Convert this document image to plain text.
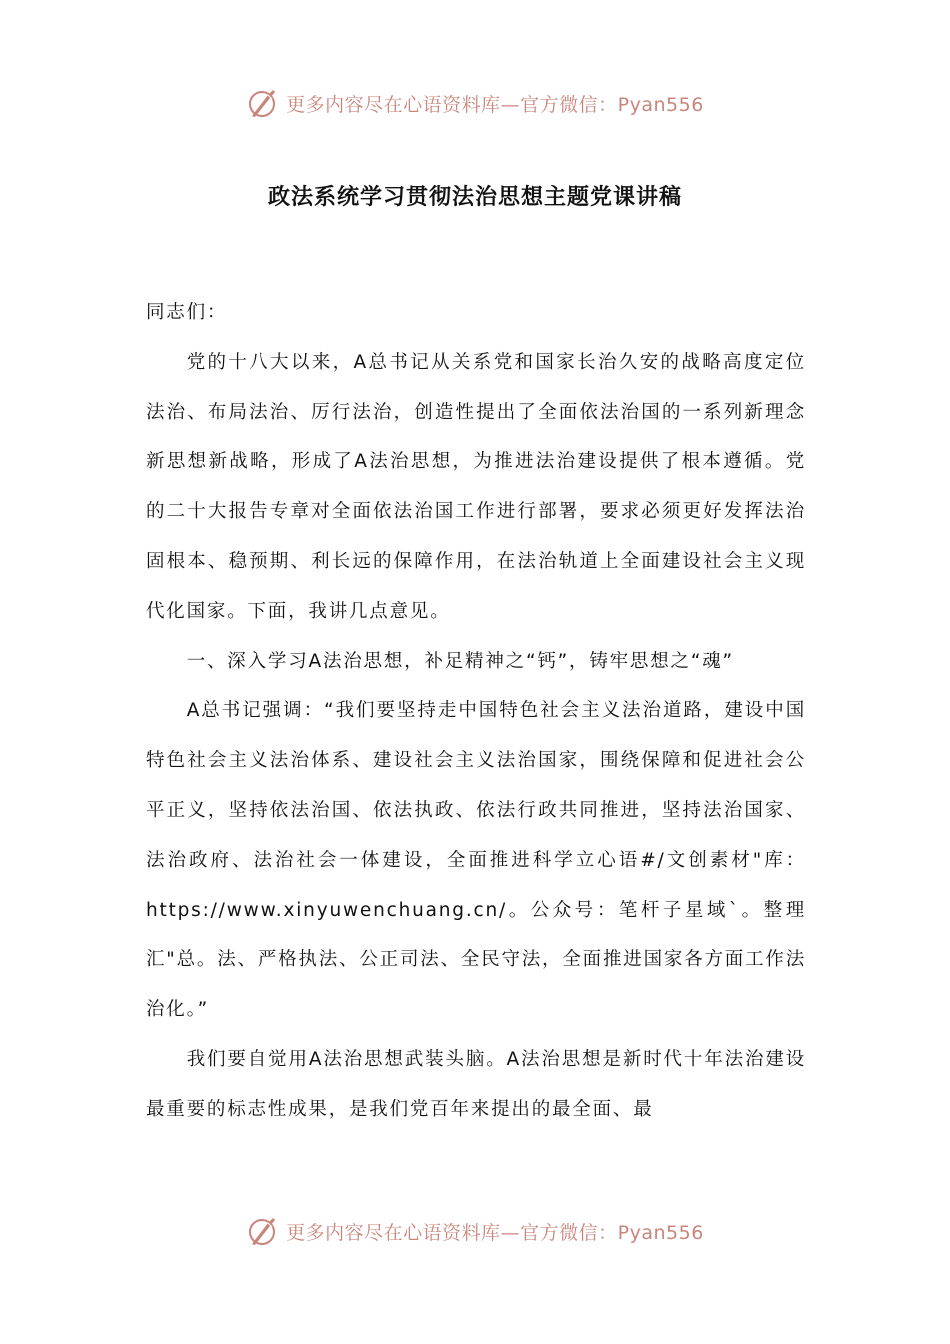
更多内容尽在心语资料库—官方微信：Pyan556
政法系统学习贯彻法治思想主题党课讲稿

同志们：

党的十八大以来，A总书记从关系党和国家长治久安的战略高度定位法治、布局法治、厉行法治，创造性提出了全面依法治国的一系列新理念新思想新战略，形成了A法治思想，为推进法治建设提供了根本遵循。党的二十大报告专章对全面依法治国工作进行部署，要求必须更好发挥法治固根本、稳预期、利长远的保障作用，在法治轨道上全面建设社会主义现代化国家。下面，我讲几点意见。

一、深入学习A法治思想，补足精神之“钙”，铸牢思想之“魂”

A总书记强调：“我们要坚持走中国特色社会主义法治道路，建设中国特色社会主义法治体系、建设社会主义法治国家，围绕保障和促进社会公平正义，坚持依法治国、依法执政、依法行政共同推进，坚持法治国家、法治政府、法治社会一体建设，全面推进科学立心语#/文创素材"库：https://www.xinyuwenchuang.cn/。公众号：笔杆子星域`。整理汇"总。法、严格执法、公正司法、全民守法，全面推进国家各方面工作法治化。”

我们要自觉用A法治思想武装头脑。A法治思想是新时代十年法治建设最重要的标志性成果，是我们党百年来提出的最全面、最

更多内容尽在心语资料库—官方微信：Pyan556
